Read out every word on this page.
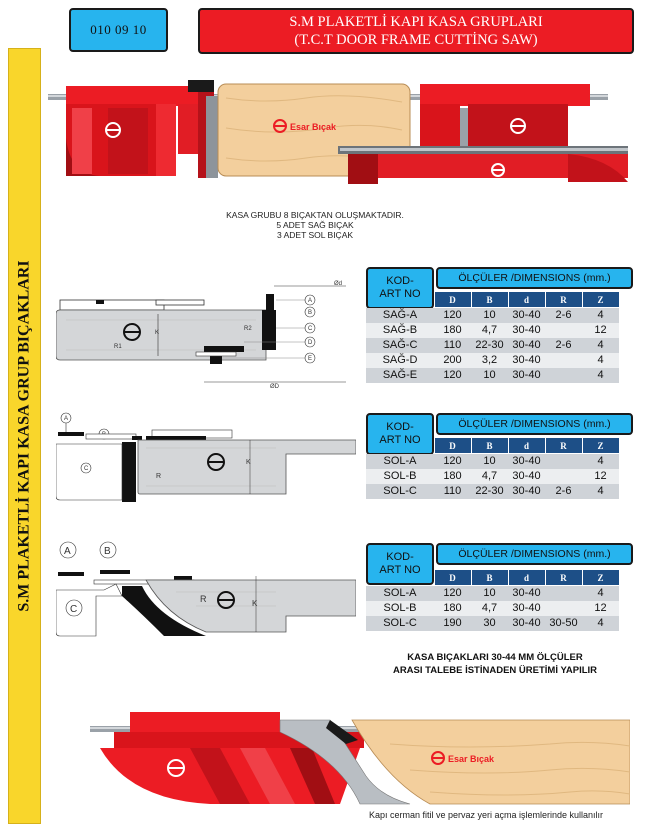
010 09 10	S.M PLAKETLİ KAPI KASA GRUPLARI
(T.C.T DOOR FRAME CUTTİNG SAW)
S.M PLAKETLİ KAPI KASA GRUP BIÇAKLARI
Esar Bıçak
KASA GRUBU 8 BIÇAKTAN OLUŞMAKTADIR.
5 ADET SAĞ BIÇAK
3 ADET SOL BIÇAK
K
R2
R1
Ød
ØD
A
B
C
D
E
A
C
R
K
A	B
C
R	K
KOD-
ART NO
ÖLÇÜLER /DIMENSIONS (mm.)
	D	B	d	R	Z
SAĞ-A	120	10	30-40	2-6	4
SAĞ-B	180	4,7	30-40		12
SAĞ-C	110	22-30	30-40	2-6	4
SAĞ-D	200	3,2	30-40		4
SAĞ-E	120	10	30-40		4
KOD-
ART NO
ÖLÇÜLER /DIMENSIONS (mm.)
	D	B	d	R	Z
SOL-A	120	10	30-40		4
SOL-B	180	4,7	30-40		12
SOL-C	110	22-30	30-40	2-6	4
KOD-
ART NO
ÖLÇÜLER /DIMENSIONS (mm.)
	D	B	d	R	Z
SOL-A	120	10	30-40		4
SOL-B	180	4,7	30-40		12
SOL-C	190	30	30-40	30-50	4
KASA BIÇAKLARI 30-44 MM ÖLÇÜLER
ARASI TALEBE İSTİNADEN ÜRETİMİ YAPILIR
Esar Bıçak
Kapı cerman fitil ve pervaz yeri açma işlemlerinde kullanılır
